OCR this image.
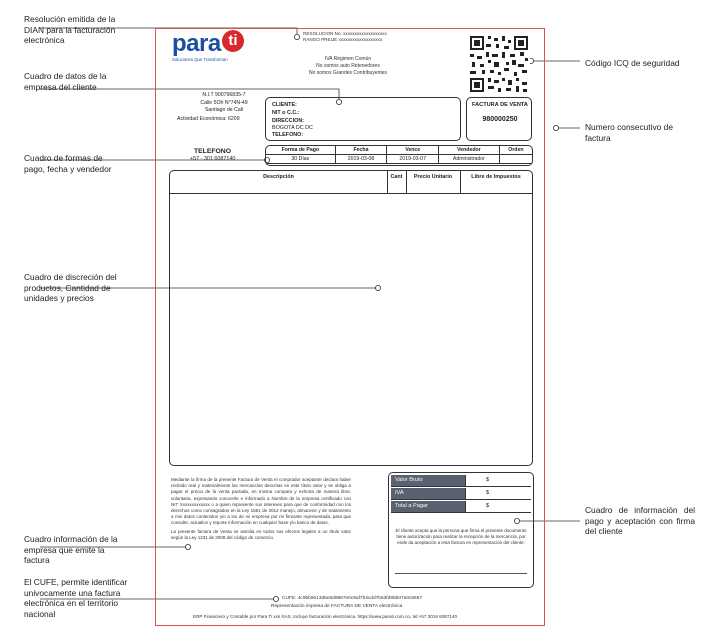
Resolución emitida de la DIAN para la facturación electrónica
Cuadro de datos de la empresa del cliente
Cuadro de formas de pago, fecha y vendedor
Cuadro de discreción del productos, Cantidad de unidades y precios
Cuadro información de la empresa que emite la factura
El CUFE, permite identificar univocamente una factura electrónica en el territorio nacional
Código ICQ de seguridad
Numero consecutivo de factura
Cuadro de información del pago y aceptación con firma del cliente
para ti
Soluciones Que Transforman
RESOLUCION No. xxxxxxxxxxxxxxxxxxx
RANGO PREIJE xxxxxxxxxxxxxxxxxxx
IVA Régimen Común
No somos auto Retenedores
No somos Grandes Contribuyentes
N.I.T 900796835-7
Calle 5Oh N°74N-49
Santiago de Cali
Actividad Económica: 6209
TELEFONO
+57 - 301 6087140
CLIENTE:
NIT o C.C.:
DIRECCION:
BOGOTA DC DC
TELEFONO:
FACTURA DE VENTA
980000250
Forma de Pago	Fecha	Vence	Vendedor	Orden
30 Días	2019-03-08	2019-03-07	Administrador	
Descripción	Cant	Precio Unitario	Libre de Impuestos
Mediante la firma de la presente Factura de Venta el comprador aceptante declara haber recibido real y materialmente las mercancías descritas en este título valor y se obliga a pagar el precio de la venta pactada, en misma compara y exhorta de manera libre, voluntaria, expresando conocerle e informado a Nombre de la empresa certificado con NIT Xxxxxxxxxxxxx o a quien represente sus intereses para que de conformidad con los derechos como consagrados en la Ley 1581 de 2012 manejo, almacene y de tratamiento a mis datos contenidos y/o a los de mi empresa por mi firmante representada, para que consulte, actualice y reporte información en cualquier base y/o banco de datos.
La presente factura de Venta se asimila en todos sus efectos legales a un título valor según la Ley 1231 de 2008 del código de comercio.
Valor Bruto	$
IVA	$
Total a Pagar	$
El cliente acepta que la persona que firma el presente documento tiene autorización para realizar la recepción de la mercancía, por ende da aceptación a esta factura en representación del cliente.
CUFE: 4c9bb9e13d5e5d9867e0c9af7b4cdd7b63fd85b07a0c5667
Representación impresa de FACTURA DE VENTA electrónica
ERP Financiero y Contable por Para Ti xxs SAS, Incluye facturación electrónica. https://www.parati.com.co, tel:+57 3016 6087140
